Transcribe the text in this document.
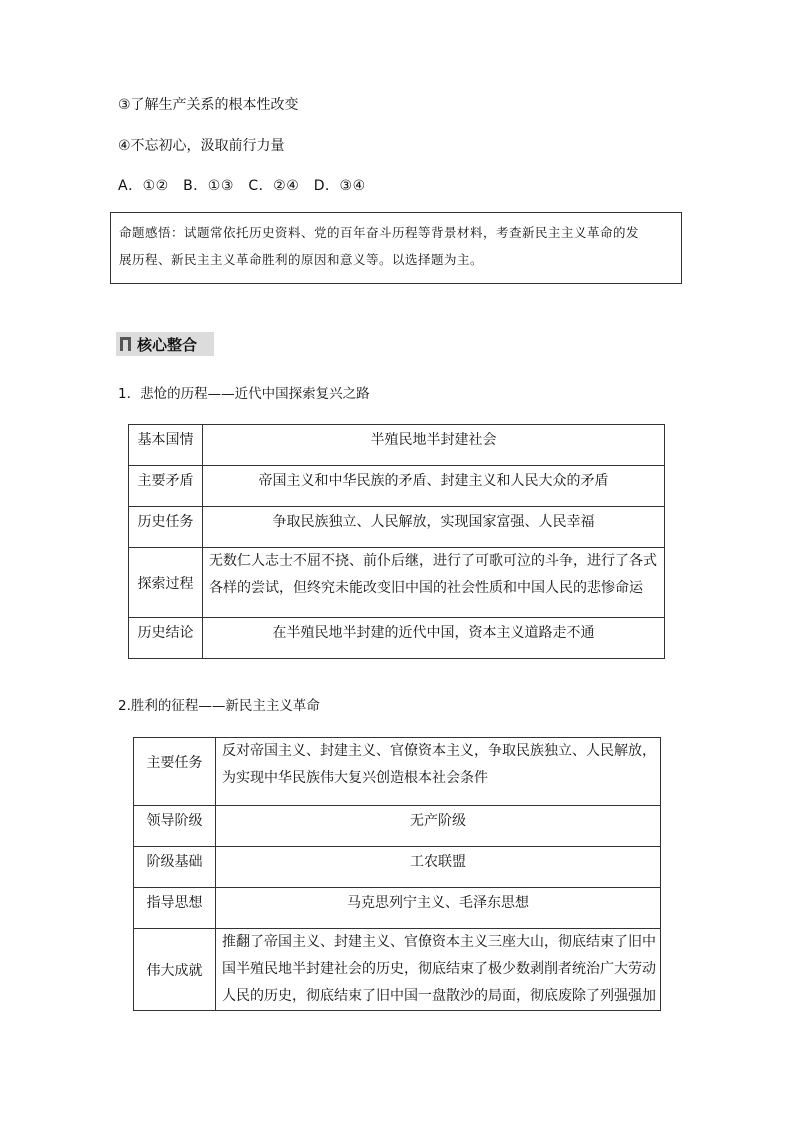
③了解生产关系的根本性改变
④不忘初心，汲取前行力量
A．①②　B．①③　C．②④　D．③④
命题感悟：试题常依托历史资料、党的百年奋斗历程等背景材料，考查新民主主义革命的发
展历程、新民主主义革命胜利的原因和意义等。以选择题为主。
核心整合
1．悲怆的历程——近代中国探索复兴之路
基本国情	半殖民地半封建社会
主要矛盾	帝国主义和中华民族的矛盾、封建主义和人民大众的矛盾
历史任务	争取民族独立、人民解放，实现国家富强、人民幸福
探索过程	无数仁人志士不屈不挠、前仆后继，进行了可歌可泣的斗争，进行了各式
各样的尝试，但终究未能改变旧中国的社会性质和中国人民的悲惨命运

历史结论	在半殖民地半封建的近代中国，资本主义道路走不通
2.胜利的征程——新民主主义革命
主要任务	反对帝国主义、封建主义、官僚资本主义，争取民族独立、人民解放，
为实现中华民族伟大复兴创造根本社会条件

领导阶级	无产阶级
阶级基础	工农联盟
指导思想	马克思列宁主义、毛泽东思想
伟大成就	推翻了帝国主义、封建主义、官僚资本主义三座大山，彻底结束了旧中
国半殖民地半封建社会的历史，彻底结束了极少数剥削者统治广大劳动
人民的历史，彻底结束了旧中国一盘散沙的局面，彻底废除了列强强加
